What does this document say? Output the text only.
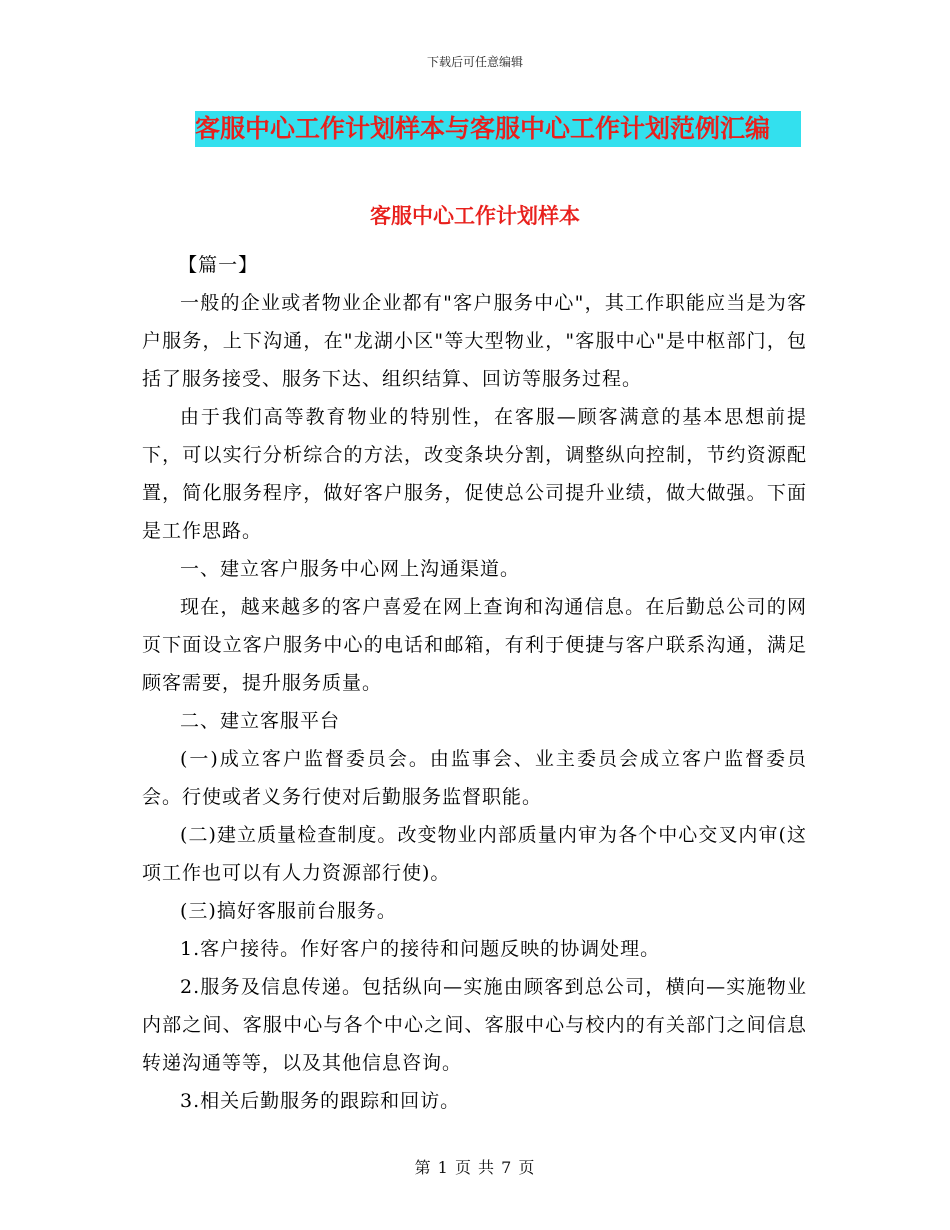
下载后可任意编辑
客服中心工作计划样本与客服中心工作计划范例汇编
客服中心工作计划样本

【篇一】

一般的企业或者物业企业都有"客户服务中心"，其工作职能应当是为客户服务，上下沟通，在"龙湖小区"等大型物业，"客服中心"是中枢部门，包括了服务接受、服务下达、组织结算、回访等服务过程。

由于我们高等教育物业的特别性，在客服—顾客满意的基本思想前提下，可以实行分析综合的方法，改变条块分割，调整纵向控制，节约资源配置，简化服务程序，做好客户服务，促使总公司提升业绩，做大做强。下面是工作思路。

一、建立客户服务中心网上沟通渠道。

现在，越来越多的客户喜爱在网上查询和沟通信息。在后勤总公司的网页下面设立客户服务中心的电话和邮箱，有利于便捷与客户联系沟通，满足顾客需要，提升服务质量。

二、建立客服平台

(一)成立客户监督委员会。由监事会、业主委员会成立客户监督委员会。行使或者义务行使对后勤服务监督职能。

(二)建立质量检查制度。改变物业内部质量内审为各个中心交叉内审(这项工作也可以有人力资源部行使)。

(三)搞好客服前台服务。

1.客户接待。作好客户的接待和问题反映的协调处理。

2.服务及信息传递。包括纵向—实施由顾客到总公司，横向—实施物业内部之间、客服中心与各个中心之间、客服中心与校内的有关部门之间信息转递沟通等等，以及其他信息咨询。

3.相关后勤服务的跟踪和回访。

第 1 页 共 7 页
